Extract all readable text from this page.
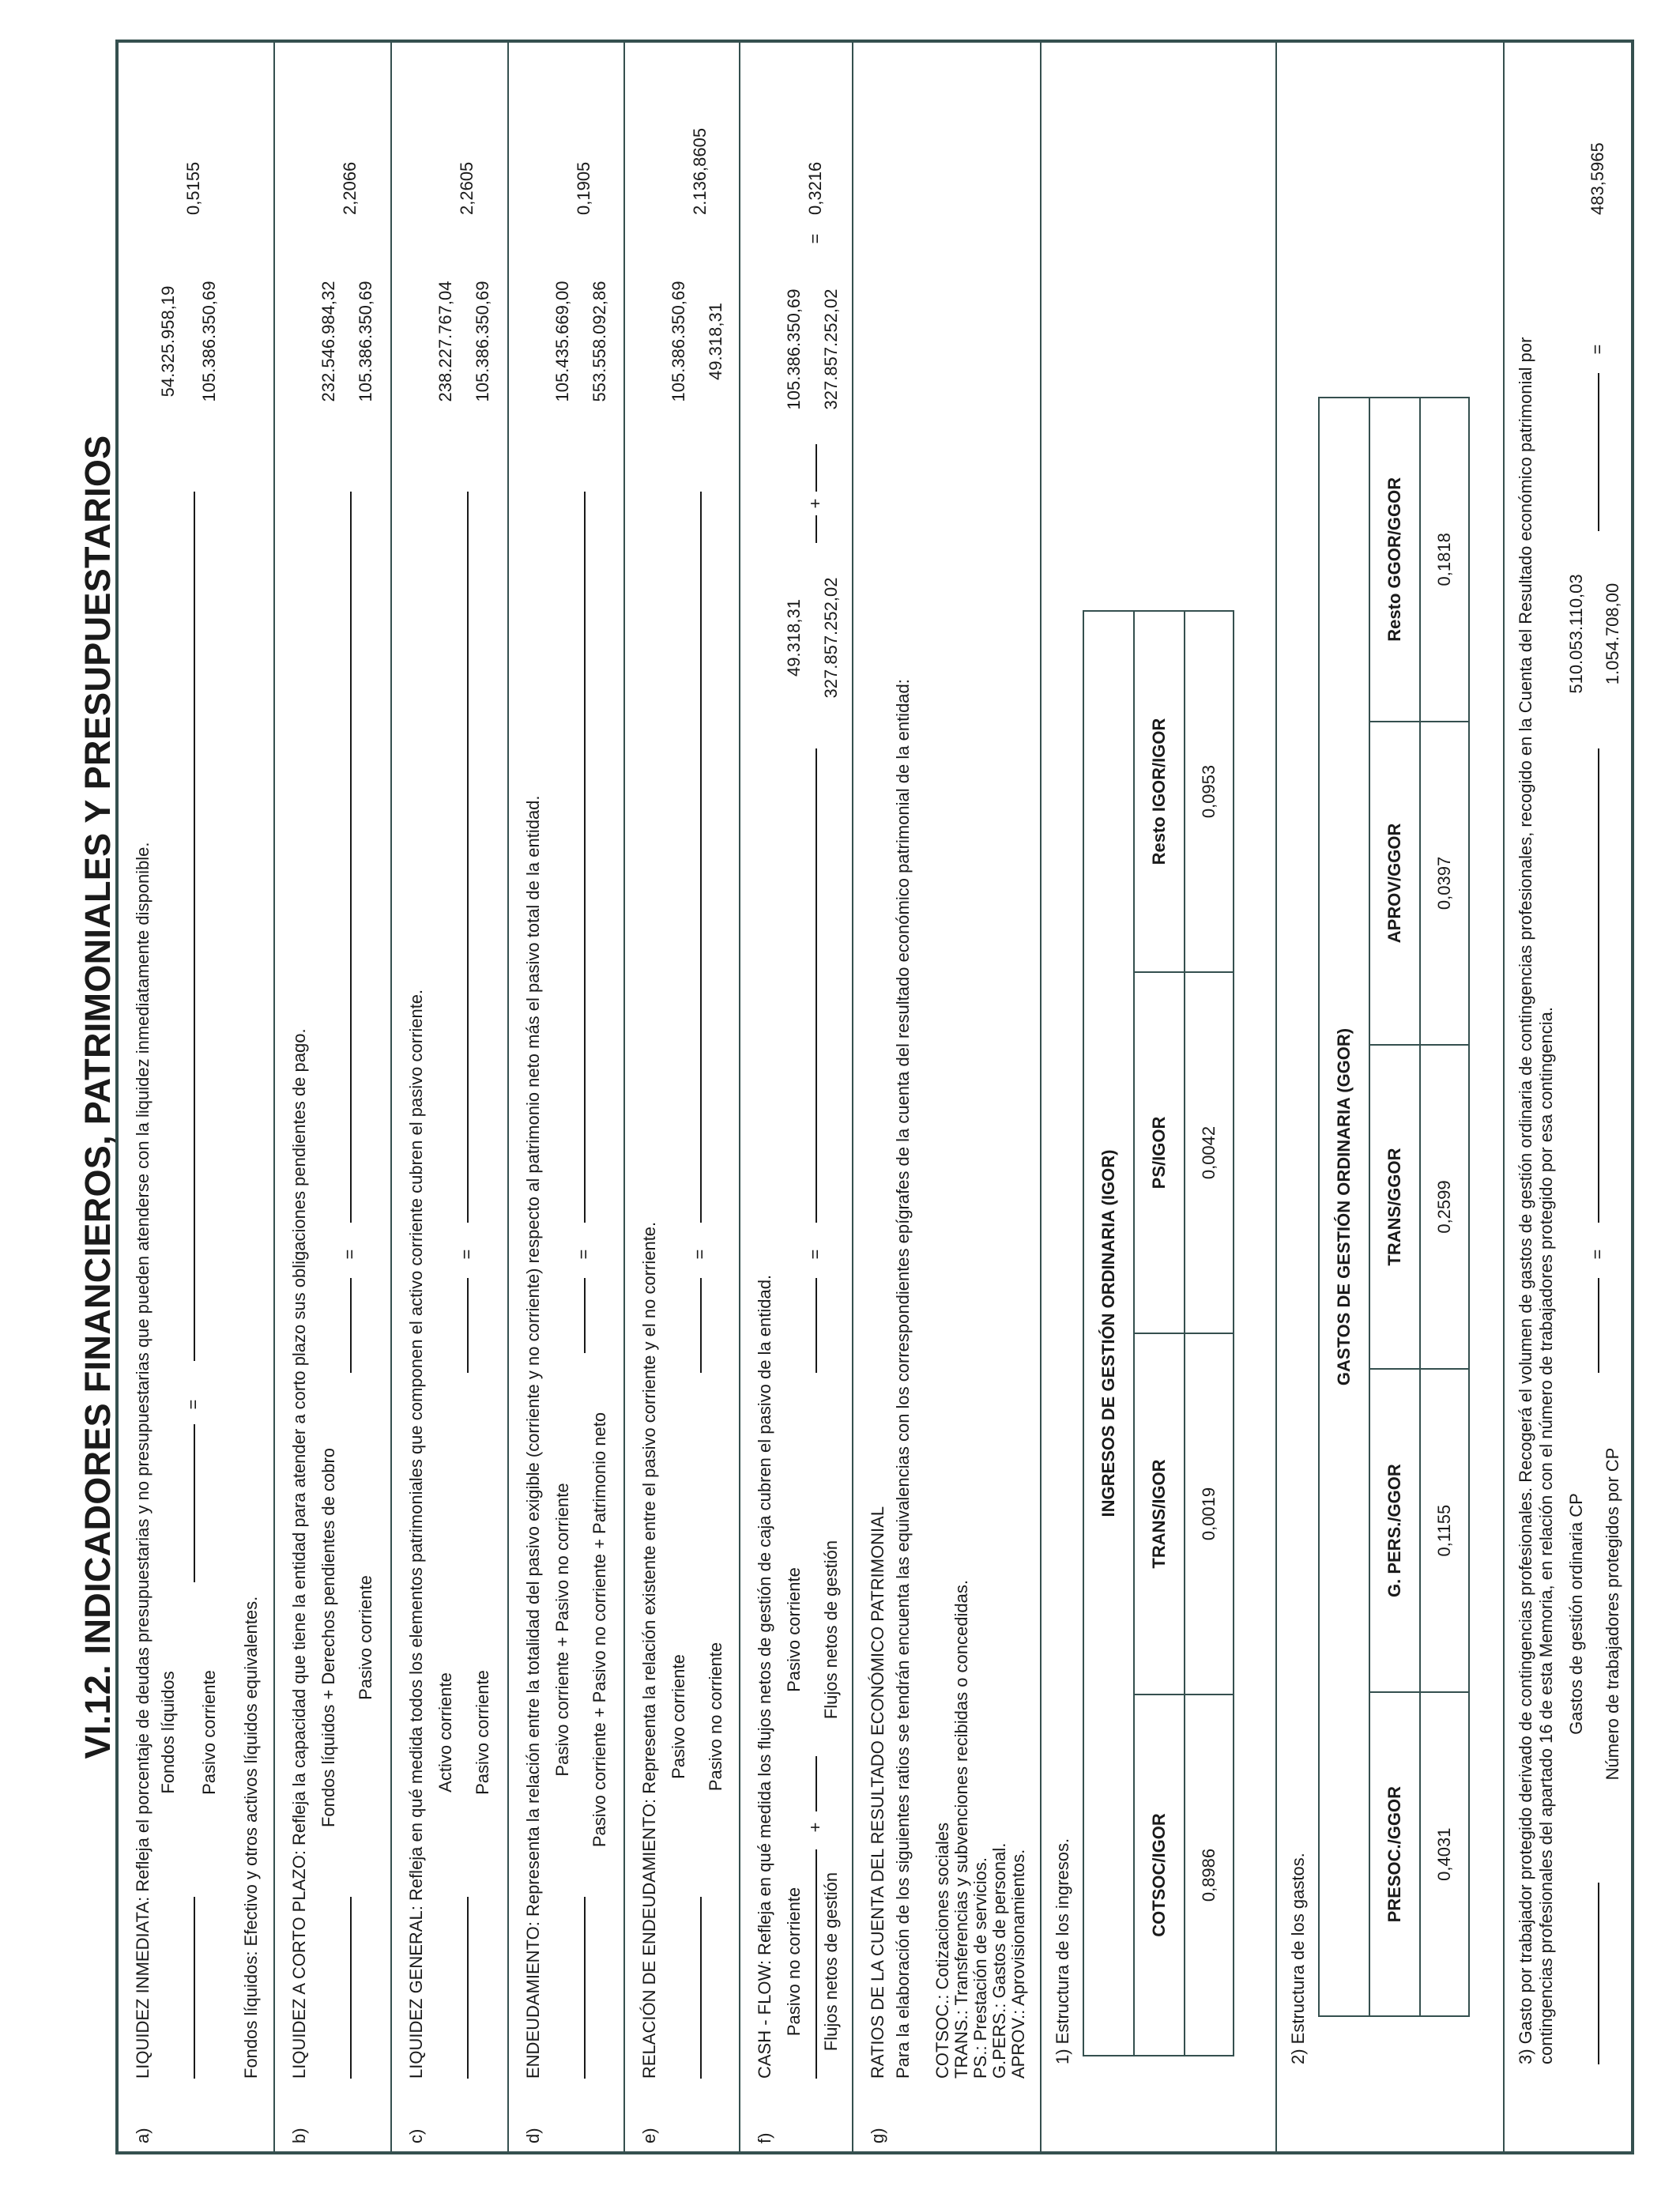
VI.12. INDICADORES FINANCIEROS, PATRIMONIALES Y PRESUPUESTARIOS
a)
LIQUIDEZ INMEDIATA: Refleja el porcentaje de deudas presupuestarias y no presupuestarias que pueden atenderse con la liquidez inmediatamente disponible. Fondos líquidos Pasivo corriente
=
54.325.958,19 105.386.350,69
0,5155
Fondos líquidos: Efectivo y otros activos líquidos equivalentes.
b)
LIQUIDEZ A CORTO PLAZO: Refleja la capacidad que tiene la entidad para atender a corto plazo sus obligaciones pendientes de pago. Fondos líquidos + Derechos pendientes de cobro Pasivo corriente
=
232.546.984,32 105.386.350,69
2,2066
c)
LIQUIDEZ GENERAL: Refleja en qué medida todos los elementos patrimoniales que componen el activo corriente cubren el pasivo corriente. Activo corriente Pasivo corriente
=
238.227.767,04 105.386.350,69
2,2605
d)
ENDEUDAMIENTO: Representa la relación entre la totalidad del pasivo exigible (corriente y no corriente) respecto al patrimonio neto más el pasivo total de la entidad. Pasivo corriente + Pasivo no corriente Pasivo corriente + Pasivo no corriente + Patrimonio neto
=
105.435.669,00 553.558.092,86
0,1905
e)
RELACIÓN DE ENDEUDAMIENTO: Representa la relación existente entre el pasivo corriente y el no corriente. Pasivo corriente Pasivo no corriente
=
105.386.350,69 49.318,31
2.136,8605
f)
CASH - FLOW: Refleja en qué medida los flujos netos de gestión de caja cubren el pasivo de la entidad. Pasivo no corriente Flujos netos de gestión
+
Pasivo corriente Flujos netos de gestión
=
49.318,31 327.857.252,02
+
105.386.350,69 327.857.252,02
=
0,3216
g)
RATIOS DE LA CUENTA DEL RESULTADO ECONÓMICO PATRIMONIAL Para la elaboración de los siguientes ratios se tendrán encuenta las equivalencias con los correspondientes epígrafes de la cuenta del resultado económico patrimonial de la entidad: COTSOC.: Cotizaciones sociales TRANS.: Transferencias y subvenciones recibidas o concedidas. PS.: Prestación de servicios. G.PERS.: Gastos de personal. APROV.: Aprovisionamientos. 1) Estructura de los ingresos.
INGRESOS DE GESTIÓN ORDINARIA (IGOR)			
COTSOC/IGOR	TRANS/IGOR	PS/IGOR	Resto IGOR/IGOR
0,8986	0,0019	0,0042	0,0953
2) Estructura de los gastos.
GASTOS DE GESTIÓN ORDINARIA (GGOR)				
PRESOC./GGOR	G. PERS./GGOR	TRANS/GGOR	APROV/GGOR	Resto GGOR/GGOR
0,4031	0,1155	0,2599	0,0397	0,1818	3) Gasto por trabajador protegido derivado de contingencias profesionales. Recogerá el volumen de gastos de gestión ordinaria de contingencias profesionales, recogido en la Cuenta del Resultado económico patrimonial por contingencias profesionales del apartado 16 de esta Memoria, en relación con el número de trabajadores protegido por esa contingencia. Gastos de gestión ordinaria CP Número de trabajadores protegidos por CP
=
510.053.110,03 1.054.708,00
=
483,5965
